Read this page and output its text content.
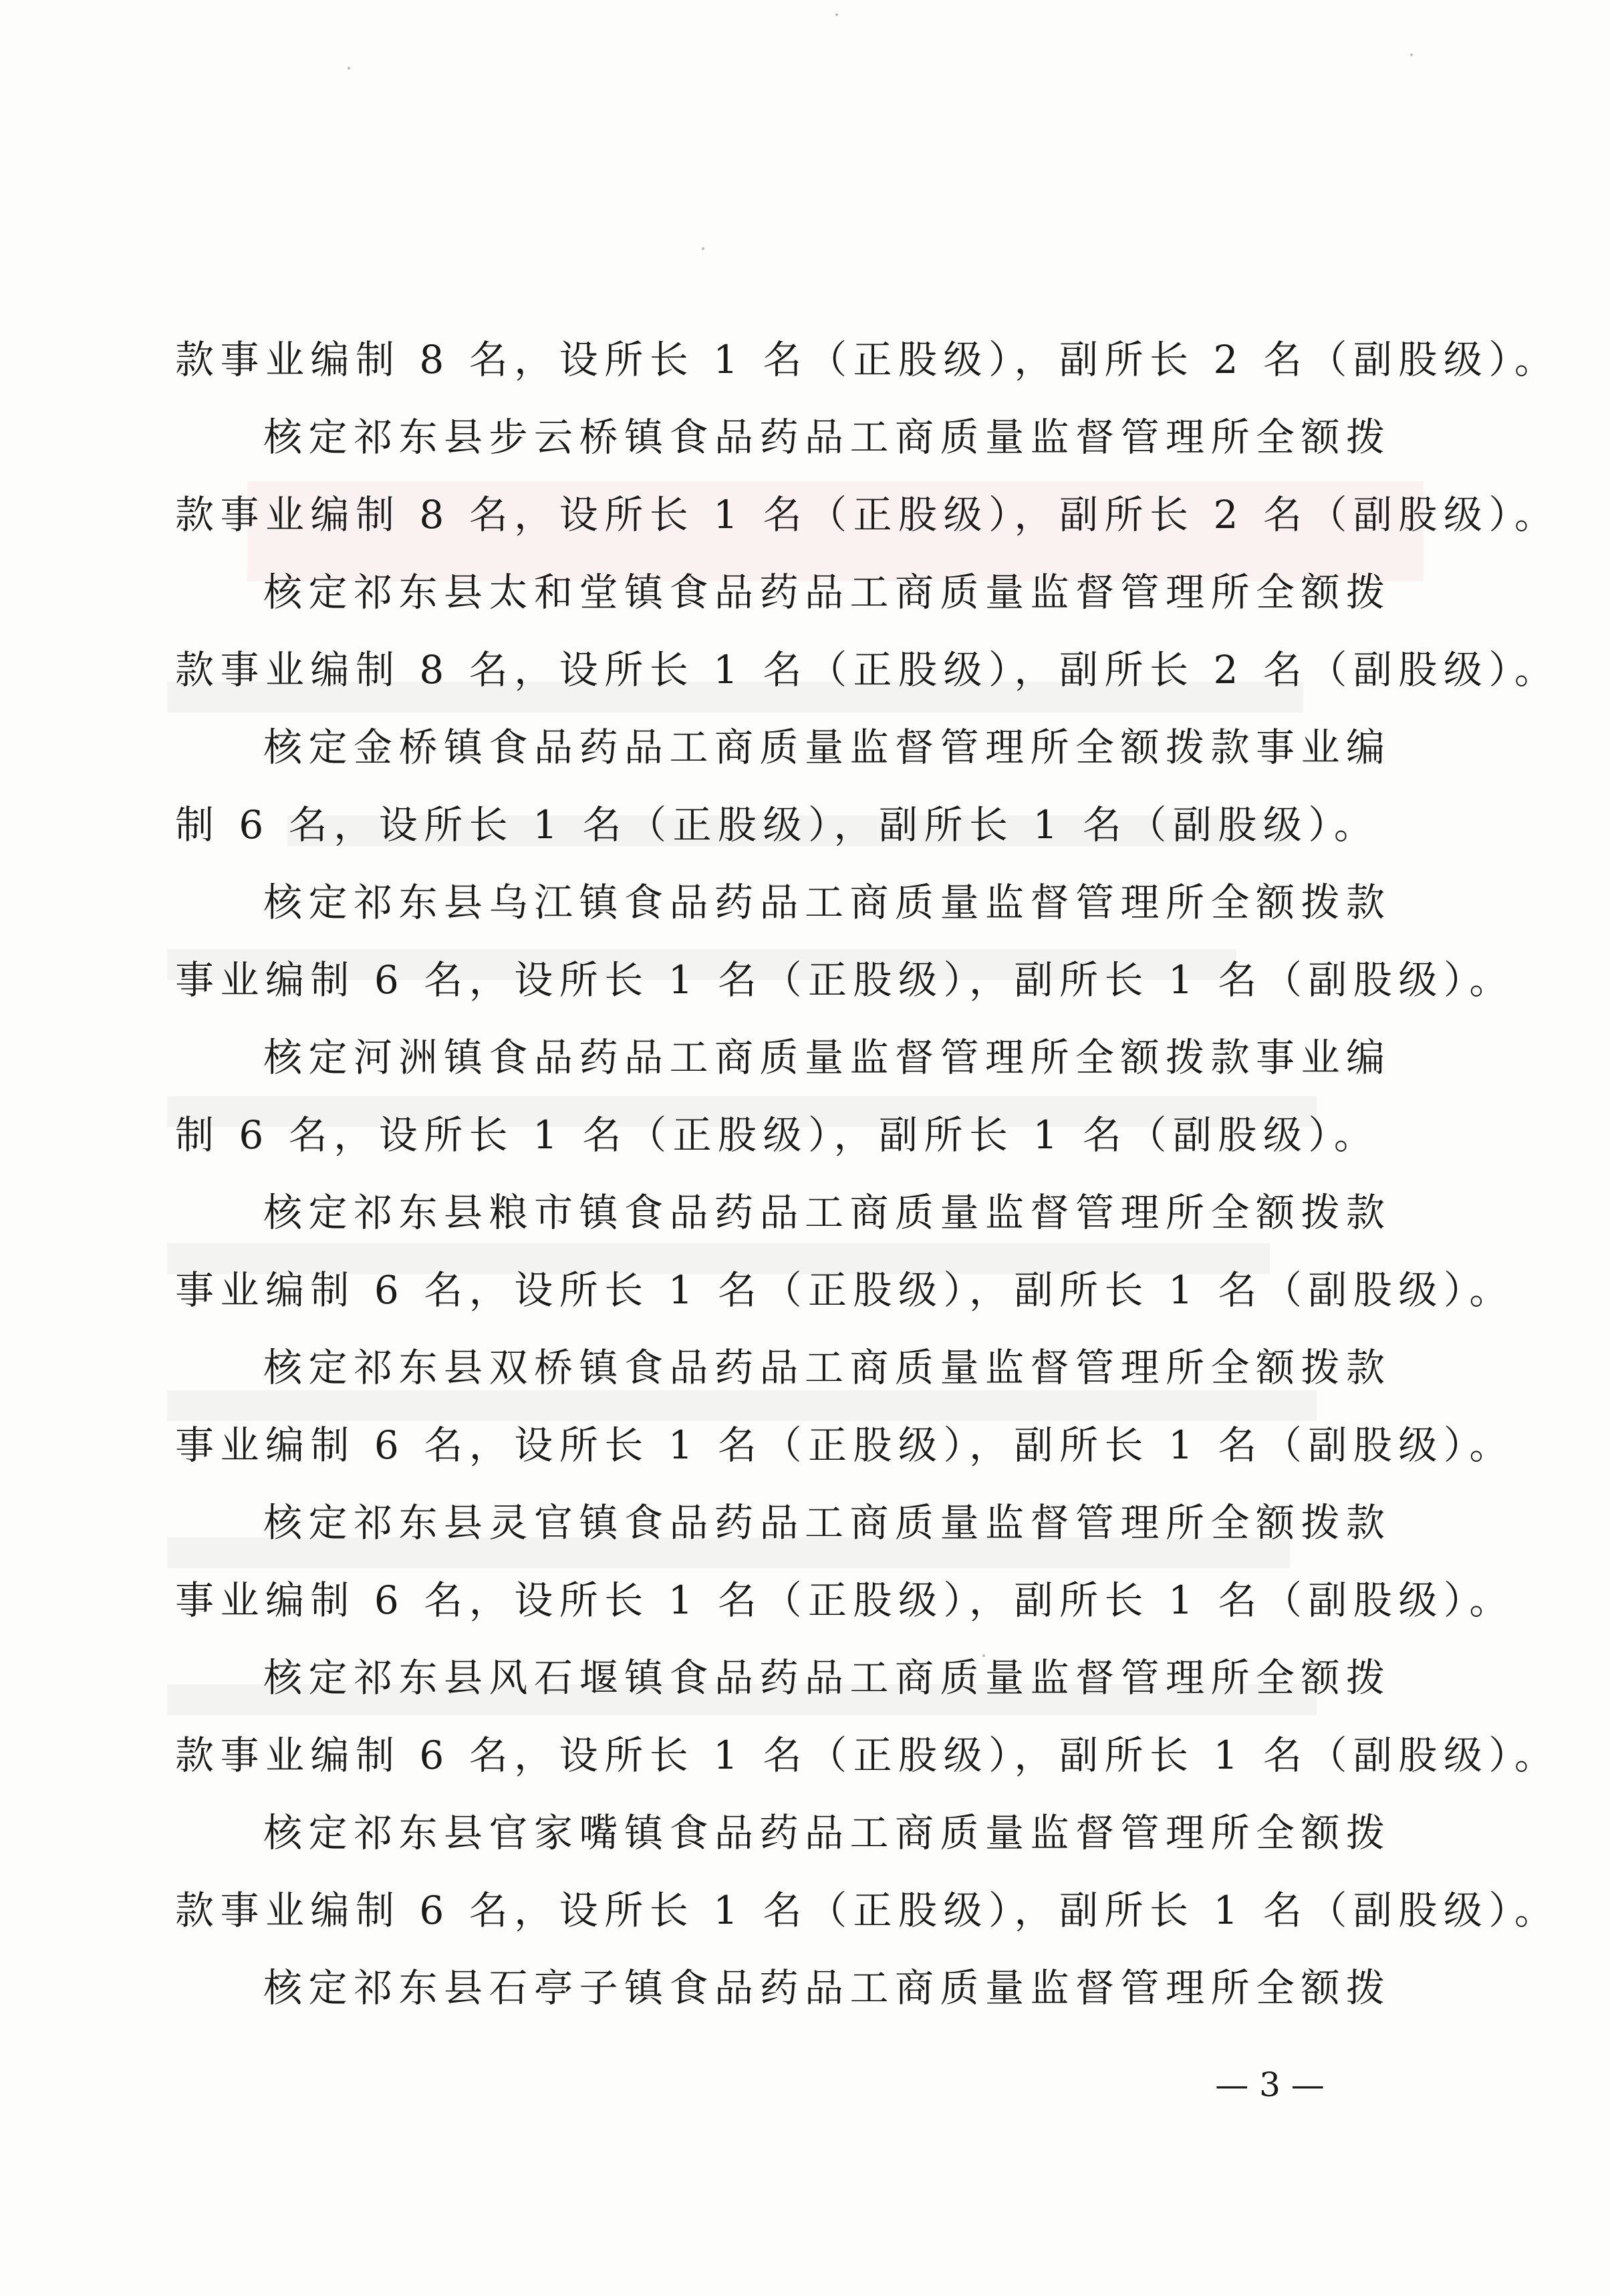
款事业编制 8 名，设所长 1 名（正股级），副所长 2 名（副股级）。
核定祁东县步云桥镇食品药品工商质量监督管理所全额拨
款事业编制 8 名，设所长 1 名（正股级），副所长 2 名（副股级）。
核定祁东县太和堂镇食品药品工商质量监督管理所全额拨
款事业编制 8 名，设所长 1 名（正股级），副所长 2 名（副股级）。
核定金桥镇食品药品工商质量监督管理所全额拨款事业编
制 6 名，设所长 1 名（正股级），副所长 1 名（副股级）。
核定祁东县乌江镇食品药品工商质量监督管理所全额拨款
事业编制 6 名，设所长 1 名（正股级），副所长 1 名（副股级）。
核定河洲镇食品药品工商质量监督管理所全额拨款事业编
制 6 名，设所长 1 名（正股级），副所长 1 名（副股级）。
核定祁东县粮市镇食品药品工商质量监督管理所全额拨款
事业编制 6 名，设所长 1 名（正股级），副所长 1 名（副股级）。
核定祁东县双桥镇食品药品工商质量监督管理所全额拨款
事业编制 6 名，设所长 1 名（正股级），副所长 1 名（副股级）。
核定祁东县灵官镇食品药品工商质量监督管理所全额拨款
事业编制 6 名，设所长 1 名（正股级），副所长 1 名（副股级）。
核定祁东县风石堰镇食品药品工商质量监督管理所全额拨
款事业编制 6 名，设所长 1 名（正股级），副所长 1 名（副股级）。
核定祁东县官家嘴镇食品药品工商质量监督管理所全额拨
款事业编制 6 名，设所长 1 名（正股级），副所长 1 名（副股级）。
核定祁东县石亭子镇食品药品工商质量监督管理所全额拨
— 3 —
